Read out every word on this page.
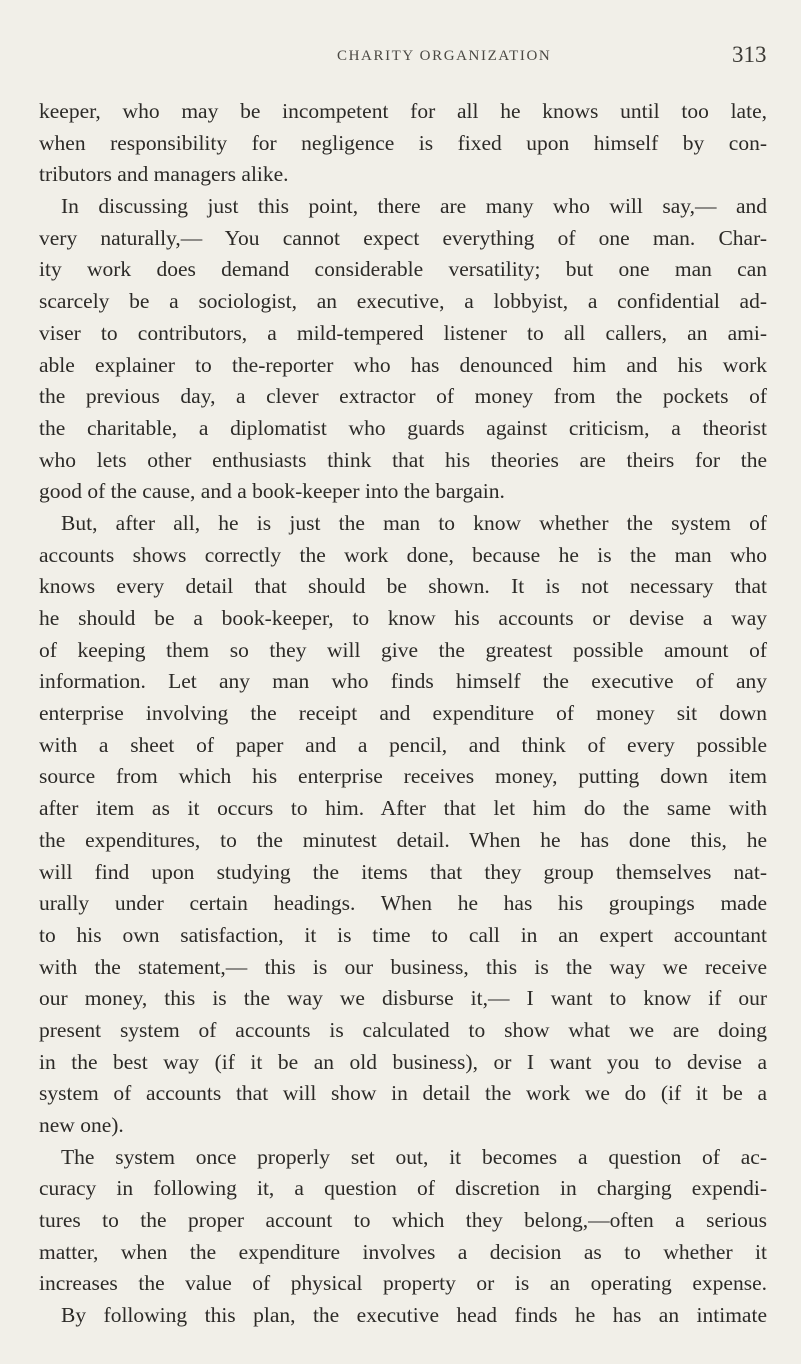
CHARITY ORGANIZATION	313
keeper, who may be incompetent for all he knows until too late,
when responsibility for negligence is fixed upon himself by con-
tributors and managers alike.
In discussing just this point, there are many who will say,— and
very naturally,— You cannot expect everything of one man. Char-
ity work does demand considerable versatility; but one man can
scarcely be a sociologist, an executive, a lobbyist, a confidential ad-
viser to contributors, a mild-tempered listener to all callers, an ami-
able explainer to the-reporter who has denounced him and his work
the previous day, a clever extractor of money from the pockets of
the charitable, a diplomatist who guards against criticism, a theorist
who lets other enthusiasts think that his theories are theirs for the
good of the cause, and a book-keeper into the bargain.
But, after all, he is just the man to know whether the system of
accounts shows correctly the work done, because he is the man who
knows every detail that should be shown. It is not necessary that
he should be a book-keeper, to know his accounts or devise a way
of keeping them so they will give the greatest possible amount of
information. Let any man who finds himself the executive of any
enterprise involving the receipt and expenditure of money sit down
with a sheet of paper and a pencil, and think of every possible
source from which his enterprise receives money, putting down item
after item as it occurs to him. After that let him do the same with
the expenditures, to the minutest detail. When he has done this, he
will find upon studying the items that they group themselves nat-
urally under certain headings. When he has his groupings made
to his own satisfaction, it is time to call in an expert accountant
with the statement,— this is our business, this is the way we receive
our money, this is the way we disburse it,— I want to know if our
present system of accounts is calculated to show what we are doing
in the best way (if it be an old business), or I want you to devise a
system of accounts that will show in detail the work we do (if it be a
new one).
The system once properly set out, it becomes a question of ac-
curacy in following it, a question of discretion in charging expendi-
tures to the proper account to which they belong,—often a serious
matter, when the expenditure involves a decision as to whether it
increases the value of physical property or is an operating expense.
By following this plan, the executive head finds he has an intimate
